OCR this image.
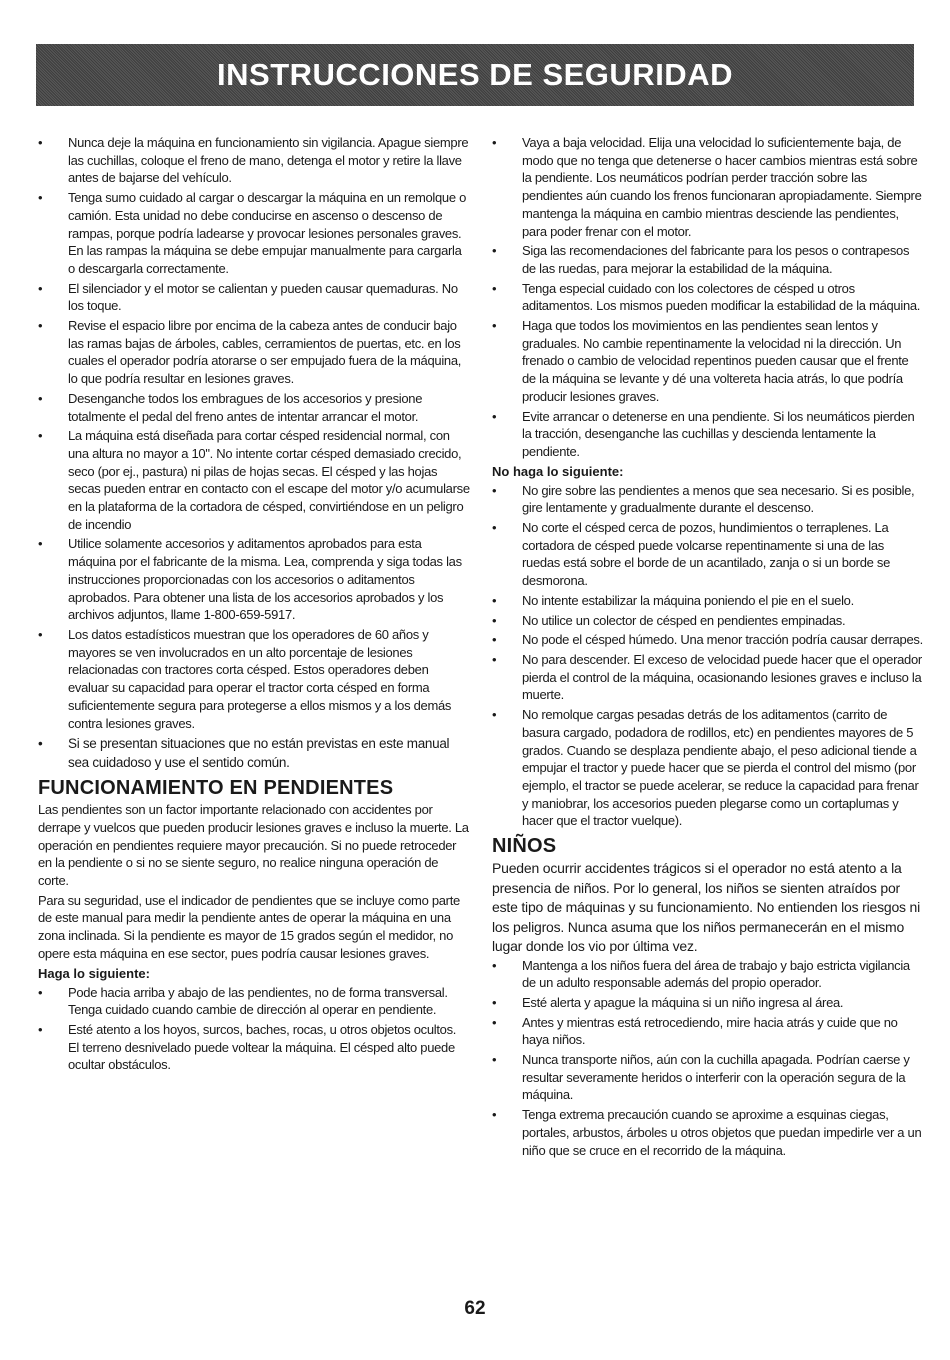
INSTRUCCIONES DE SEGURIDAD
• Nunca deje la máquina en funcionamiento sin vigilancia. Apague siempre las cuchillas, coloque el freno de mano, detenga el motor y retire la llave antes de bajarse del vehículo.
• Tenga sumo cuidado al cargar o descargar la máquina en un remolque o camión. Esta unidad no debe conducirse en ascenso o descenso de rampas, porque podría ladearse y provocar lesiones personales graves. En las rampas la máquina se debe empujar manualmente para cargarla o descargarla correctamente.
• El silenciador y el motor se calientan y pueden causar quemaduras. No los toque.
• Revise el espacio libre por encima de la cabeza antes de conducir bajo las ramas bajas de árboles, cables, cerramientos de puertas, etc. en los cuales el operador podría atorarse o ser empujado fuera de la máquina, lo que podría resultar en lesiones graves.
• Desenganche todos los embragues de los accesorios y presione totalmente el pedal del freno antes de intentar arrancar el motor.
• La máquina está diseñada para cortar césped residencial normal, con una altura no mayor a 10". No intente cortar césped demasiado crecido, seco (por ej., pastura) ni pilas de hojas secas. El césped y las hojas secas pueden entrar en contacto con el escape del motor y/o acumularse en la plataforma de la cortadora de césped, convirtiéndose en un peligro de incendio
• Utilice solamente accesorios y aditamentos aprobados para esta máquina por el fabricante de la misma. Lea, comprenda y siga todas las instrucciones proporcionadas con los accesorios o aditamentos aprobados. Para obtener una lista de los accesorios aprobados y los archivos adjuntos, llame 1-800-659-5917.
• Los datos estadísticos muestran que los operadores de 60 años y mayores se ven involucrados en un alto porcentaje de lesiones relacionadas con tractores corta césped. Estos operadores deben evaluar su capacidad para operar el tractor corta césped en forma suficientemente segura para protegerse a ellos mismos y a los demás contra lesiones graves.
• Si se presentan situaciones que no están previstas en este manual sea cuidadoso y use el sentido común.
FUNCIONAMIENTO EN PENDIENTES

Las pendientes son un factor importante relacionado con accidentes por derrape y vuelcos que pueden producir lesiones graves e incluso la muerte. La operación en pendientes requiere mayor precaución. Si no puede retroceder en la pendiente o si no se siente seguro, no realice ninguna operación de corte.

Para su seguridad, use el indicador de pendientes que se incluye como parte de este manual para medir la pendiente antes de operar la máquina en una zona inclinada. Si la pendiente es mayor de 15 grados según el medidor, no opere esta máquina en ese sector, pues podría causar lesiones graves.

Haga lo siguiente:
• Pode hacia arriba y abajo de las pendientes, no de forma transversal. Tenga cuidado cuando cambie de dirección al operar en pendiente.
• Esté atento a los hoyos, surcos, baches, rocas, u otros objetos ocultos. El terreno desnivelado puede voltear la máquina. El césped alto puede ocultar obstáculos.
• Vaya a baja velocidad. Elija una velocidad lo suficientemente baja, de modo que no tenga que detenerse o hacer cambios mientras está sobre la pendiente. Los neumáticos podrían perder tracción sobre las pendientes aún cuando los frenos funcionaran apropiadamente. Siempre mantenga la máquina en cambio mientras desciende las pendientes, para poder frenar con el motor.
• Siga las recomendaciones del fabricante para los pesos o contrapesos de las ruedas, para mejorar la estabilidad de la máquina.
• Tenga especial cuidado con los colectores de césped u otros aditamentos. Los mismos pueden modificar la estabilidad de la máquina.
• Haga que todos los movimientos en las pendientes sean lentos y graduales. No cambie repentinamente la velocidad ni la dirección. Un frenado o cambio de velocidad repentinos pueden causar que el frente de la máquina se levante y dé una voltereta hacia atrás, lo que podría producir lesiones graves.
• Evite arrancar o detenerse en una pendiente. Si los neumáticos pierden la tracción, desenganche las cuchillas y descienda lentamente la pendiente.
No haga lo siguiente:
• No gire sobre las pendientes a menos que sea necesario. Si es posible, gire lentamente y gradualmente durante el descenso.
• No corte el césped cerca de pozos, hundimientos o terraplenes. La cortadora de césped puede volcarse repentinamente si una de las ruedas está sobre el borde de un acantilado, zanja o si un borde se desmorona.
• No intente estabilizar la máquina poniendo el pie en el suelo.
• No utilice un colector de césped en pendientes empinadas.
• No pode el césped húmedo. Una menor tracción podría causar derrapes.
• No para descender. El exceso de velocidad puede hacer que el operador pierda el control de la máquina, ocasionando lesiones graves e incluso la muerte.
• No remolque cargas pesadas detrás de los aditamentos (carrito de basura cargado, podadora de rodillos, etc) en pendientes mayores de 5 grados. Cuando se desplaza pendiente abajo, el peso adicional tiende a empujar el tractor y puede hacer que se pierda el control del mismo (por ejemplo, el tractor se puede acelerar, se reduce la capacidad para frenar y maniobrar, los accesorios pueden plegarse como un cortaplumas y hacer que el tractor vuelque).
NIÑOS

Pueden ocurrir accidentes trágicos si el operador no está atento a la presencia de niños. Por lo general, los niños se sienten atraídos por este tipo de máquinas y su funcionamiento. No entienden los riesgos ni los peligros. Nunca asuma que los niños permanecerán en el mismo lugar donde los vio por última vez.

• Mantenga a los niños fuera del área de trabajo y bajo estricta vigilancia de un adulto responsable además del propio operador.
• Esté alerta y apague la máquina si un niño ingresa al área.
• Antes y mientras está retrocediendo, mire hacia atrás y cuide que no haya niños.
• Nunca transporte niños, aún con la cuchilla apagada. Podrían caerse y resultar severamente heridos o interferir con la operación segura de la máquina.
• Tenga extrema precaución cuando se aproxime a esquinas ciegas, portales, arbustos, árboles u otros objetos que puedan impedirle ver a un niño que se cruce en el recorrido de la máquina.
62
